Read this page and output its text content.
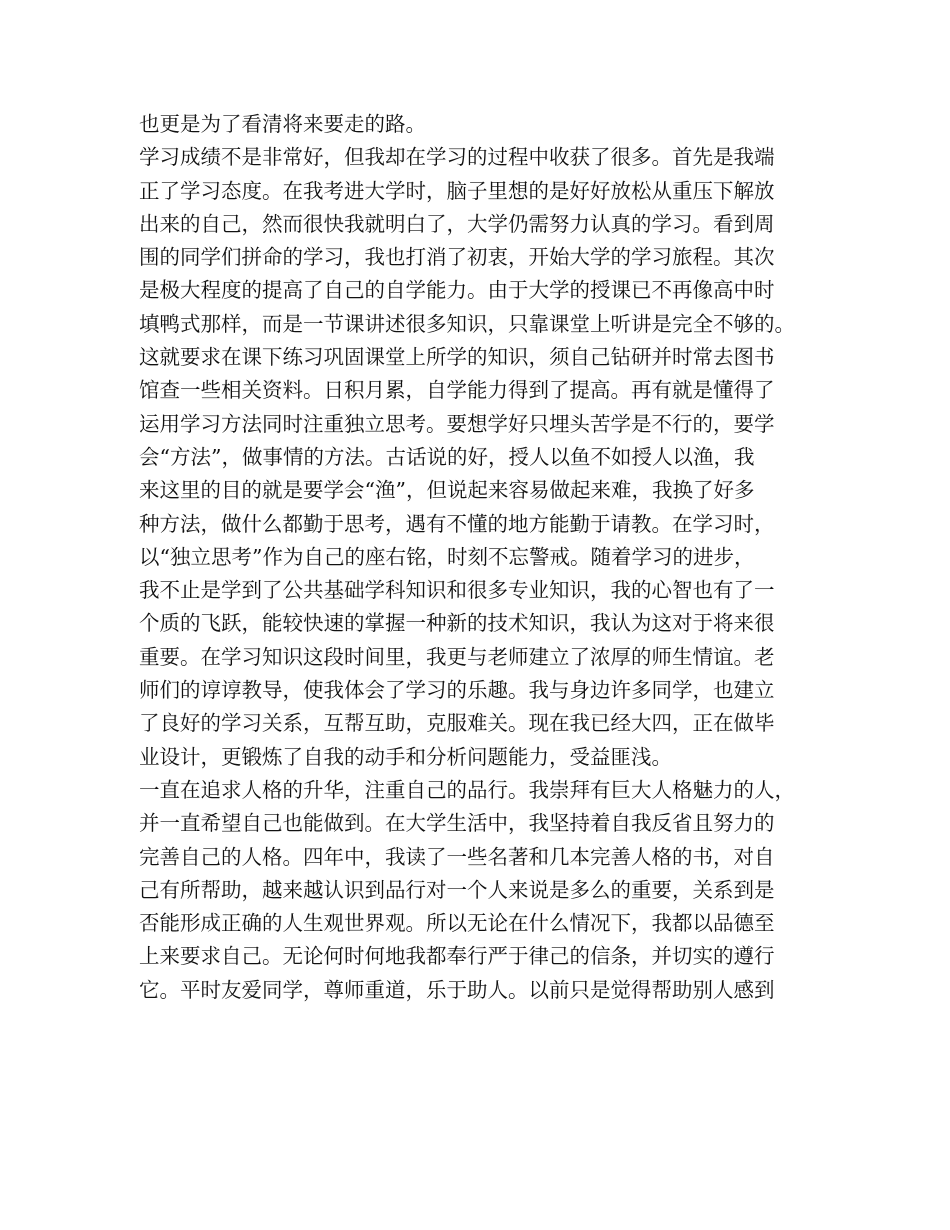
也更是为了看清将来要走的路。
学习成绩不是非常好，但我却在学习的过程中收获了很多。首先是我端
正了学习态度。在我考进大学时，脑子里想的是好好放松从重压下解放
出来的自己，然而很快我就明白了，大学仍需努力认真的学习。看到周
围的同学们拼命的学习，我也打消了初衷，开始大学的学习旅程。其次
是极大程度的提高了自己的自学能力。由于大学的授课已不再像高中时
填鸭式那样，而是一节课讲述很多知识，只靠课堂上听讲是完全不够的。
这就要求在课下练习巩固课堂上所学的知识，须自己钻研并时常去图书
馆查一些相关资料。日积月累，自学能力得到了提高。再有就是懂得了
运用学习方法同时注重独立思考。要想学好只埋头苦学是不行的，要学
会“方法”，做事情的方法。古话说的好，授人以鱼不如授人以渔，我
来这里的目的就是要学会“渔”，但说起来容易做起来难，我换了好多
种方法，做什么都勤于思考，遇有不懂的地方能勤于请教。在学习时，
以“独立思考”作为自己的座右铭，时刻不忘警戒。随着学习的进步，
我不止是学到了公共基础学科知识和很多专业知识，我的心智也有了一
个质的飞跃，能较快速的掌握一种新的技术知识，我认为这对于将来很
重要。在学习知识这段时间里，我更与老师建立了浓厚的师生情谊。老
师们的谆谆教导，使我体会了学习的乐趣。我与身边许多同学，也建立
了良好的学习关系，互帮互助，克服难关。现在我已经大四，正在做毕
业设计，更锻炼了自我的动手和分析问题能力，受益匪浅。
一直在追求人格的升华，注重自己的品行。我崇拜有巨大人格魅力的人，
并一直希望自己也能做到。在大学生活中，我坚持着自我反省且努力的
完善自己的人格。四年中，我读了一些名著和几本完善人格的书，对自
己有所帮助，越来越认识到品行对一个人来说是多么的重要，关系到是
否能形成正确的人生观世界观。所以无论在什么情况下，我都以品德至
上来要求自己。无论何时何地我都奉行严于律己的信条，并切实的遵行
它。平时友爱同学，尊师重道，乐于助人。以前只是觉得帮助别人感到
